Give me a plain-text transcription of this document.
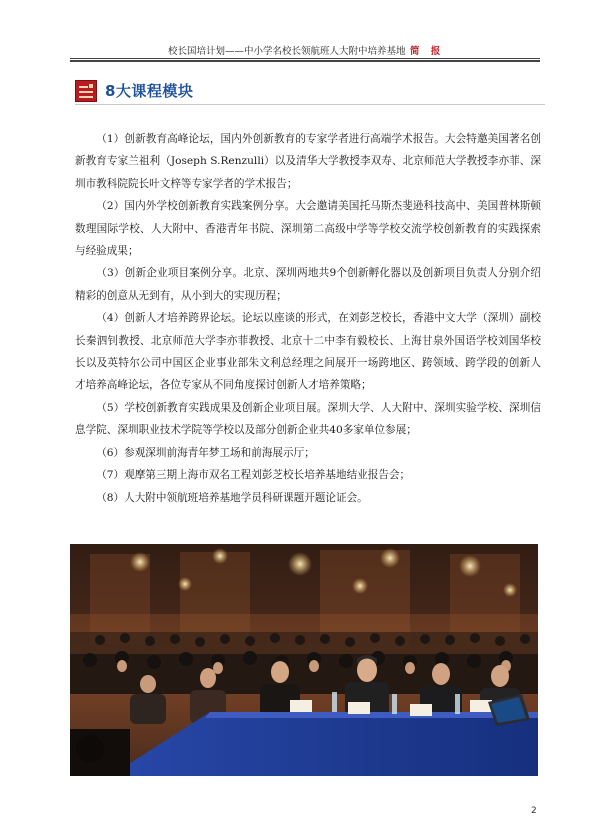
校长国培计划——中小学名校长领航班人大附中培养基地 简 报
8大课程模块

（1）创新教育高峰论坛，国内外创新教育的专家学者进行高端学术报告。大会特邀美国著名创新教育专家兰祖利（Joseph S.Renzulli）以及清华大学教授李双寿、北京师范大学教授李亦菲、深圳市教科院院长叶文梓等专家学者的学术报告；

（2）国内外学校创新教育实践案例分享。大会邀请美国托马斯杰斐逊科技高中、美国普林斯顿数理国际学校、人大附中、香港青年书院、深圳第二高级中学等学校交流学校创新教育的实践探索与经验成果；

（3）创新企业项目案例分享。北京、深圳两地共9个创新孵化器以及创新项目负责人分别介绍精彩的创意从无到有，从小到大的实现历程；

（4）创新人才培养跨界论坛。论坛以座谈的形式，在刘彭芝校长，香港中文大学（深圳）副校长秦泗钊教授、北京师范大学李亦菲教授、北京十二中李有毅校长、上海甘泉外国语学校刘国华校长以及英特尔公司中国区企业事业部朱文利总经理之间展开一场跨地区、跨领域、跨学段的创新人才培养高峰论坛，各位专家从不同角度探讨创新人才培养策略；

（5）学校创新教育实践成果及创新企业项目展。深圳大学、人大附中、深圳实验学校、深圳信息学院、深圳职业技术学院等学校以及部分创新企业共40多家单位参展；

（6）参观深圳前海青年梦工场和前海展示厅；

（7）观摩第三期上海市双名工程刘彭芝校长培养基地结业报告会；

（8）人大附中领航班培养基地学员科研课题开题论证会。

2
